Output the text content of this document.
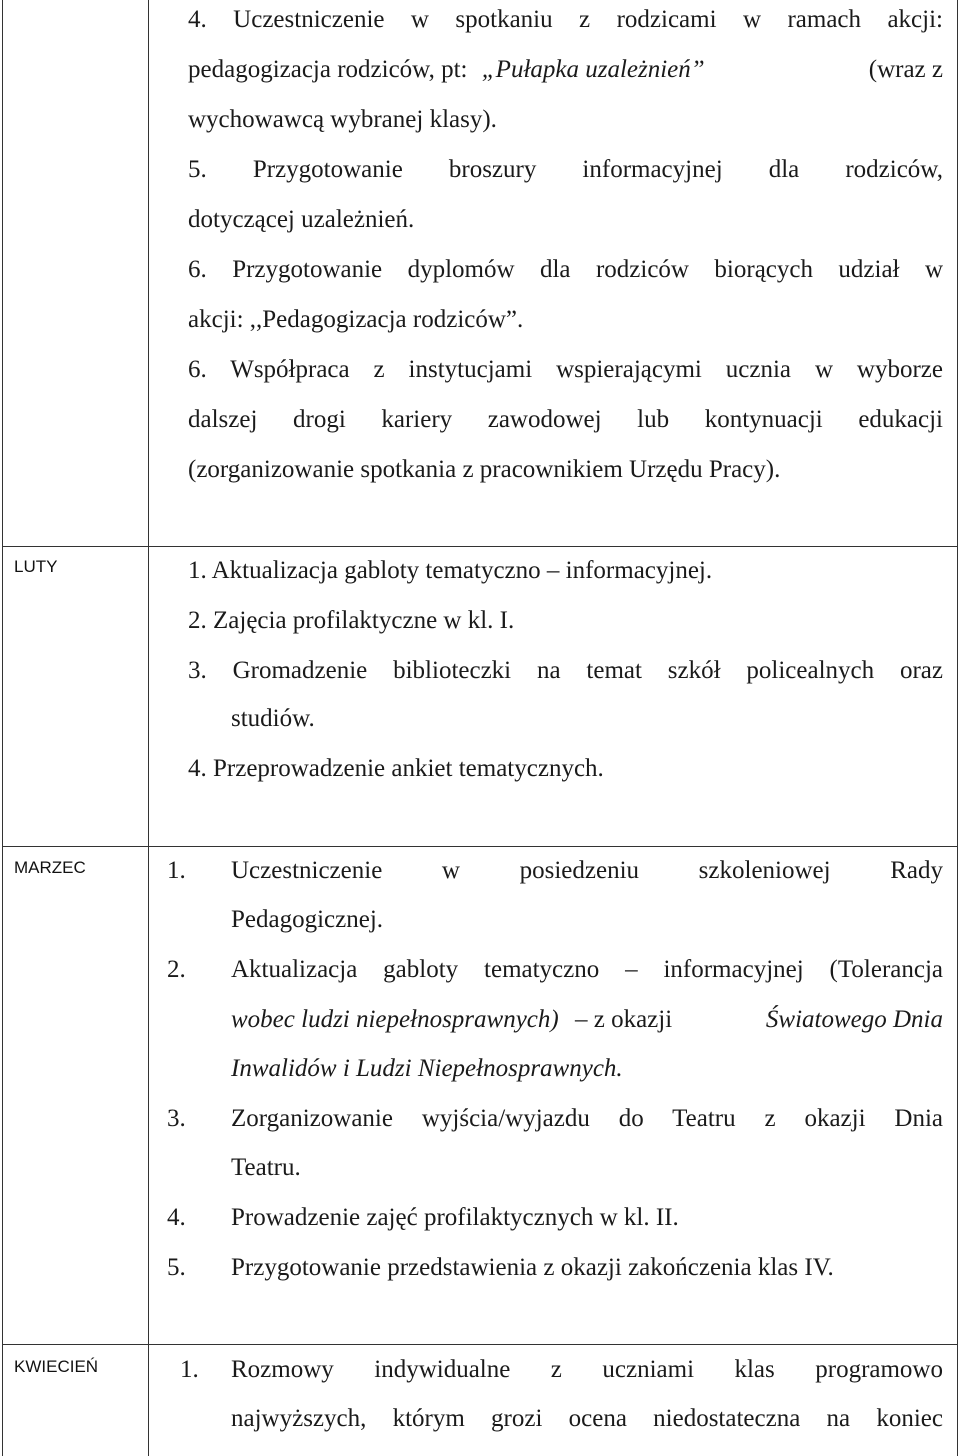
4. Uczestniczenie w spotkaniu z rodzicami w ramach akcji:
pedagogizacja rodziców, pt: „Pułapka uzależnień”	(wraz z
wychowawcą wybranej klasy).
5. Przygotowanie broszury informacyjnej dla rodziców,
dotyczącej uzależnień.
6. Przygotowanie dyplomów dla rodziców biorących udział w
akcji: ,,Pedagogizacja rodziców”.
6. Współpraca z instytucjami wspierającymi ucznia w wyborze
dalszej drogi kariery zawodowej lub kontynuacji edukacji
(zorganizowanie spotkania z pracownikiem Urzędu Pracy).
LUTY	1. Aktualizacja gabloty tematyczno – informacyjnej.
2. Zajęcia profilaktyczne w kl. I.
3. Gromadzenie biblioteczki na temat szkół policealnych oraz
studiów.
4. Przeprowadzenie ankiet tematycznych.
MARZEC	1. Uczestniczenie w posiedzeniu szkoleniowej Rady
Pedagogicznej.
2. Aktualizacja gabloty tematyczno – informacyjnej (Tolerancja
wobec ludzi niepełnosprawnych) – z okazji	Światowego Dnia
Inwalidów i Ludzi Niepełnosprawnych.
3. Zorganizowanie wyjścia/wyjazdu do Teatru z okazji Dnia
Teatru.
4. Prowadzenie zajęć profilaktycznych w kl. II.
5. Przygotowanie przedstawienia z okazji zakończenia klas IV.
KWIECIEŃ	1. Rozmowy indywidualne z uczniami klas programowo
najwyższych, którym grozi ocena niedostateczna na koniec
